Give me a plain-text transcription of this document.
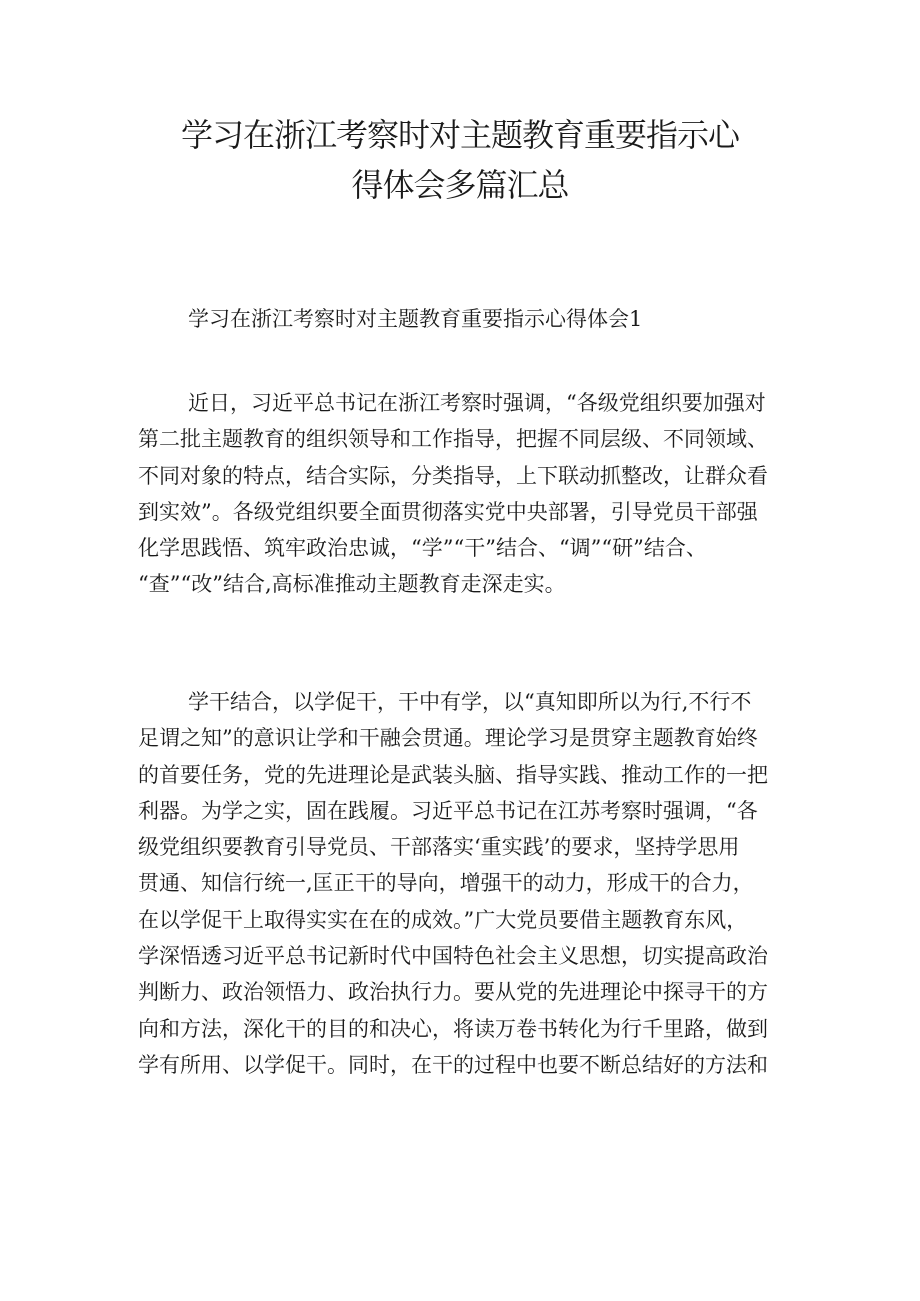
学习在浙江考察时对主题教育重要指示心
得体会多篇汇总
学习在浙江考察时对主题教育重要指示心得体会1
近日，习近平总书记在浙江考察时强调，“各级党组织要加强对
第二批主题教育的组织领导和工作指导，把握不同层级、不同领域、
不同对象的特点，结合实际，分类指导，上下联动抓整改，让群众看
到实效”。各级党组织要全面贯彻落实党中央部署，引导党员干部强
化学思践悟、筑牢政治忠诚，“学”“干”结合、“调”“研”结合、
“查”“改”结合,高标准推动主题教育走深走实。
学干结合，以学促干，干中有学，以“真知即所以为行,不行不
足谓之知”的意识让学和干融会贯通。理论学习是贯穿主题教育始终
的首要任务，党的先进理论是武装头脑、指导实践、推动工作的一把
利器。为学之实，固在践履。习近平总书记在江苏考察时强调，“各
级党组织要教育引导党员、干部落实‘重实践’的要求，坚持学思用
贯通、知信行统一,匡正干的导向，增强干的动力，形成干的合力，
在以学促干上取得实实在在的成效。”广大党员要借主题教育东风，
学深悟透习近平总书记新时代中国特色社会主义思想，切实提高政治
判断力、政治领悟力、政治执行力。要从党的先进理论中探寻干的方
向和方法，深化干的目的和决心，将读万卷书转化为行千里路，做到
学有所用、以学促干。同时，在干的过程中也要不断总结好的方法和
